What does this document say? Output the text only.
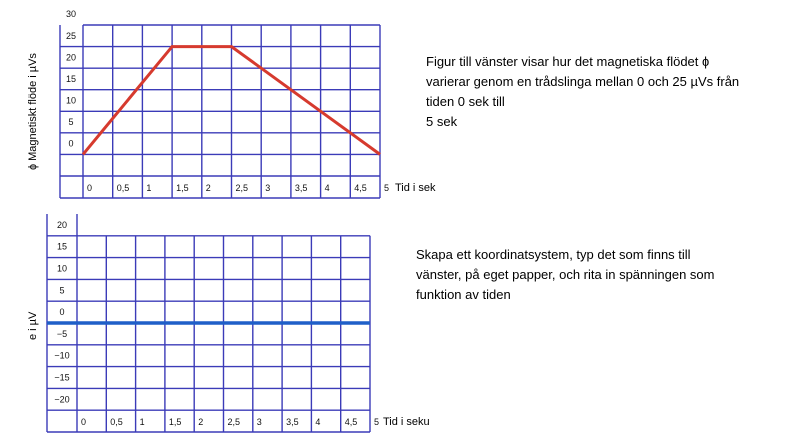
0
5
10
15
20
25
30
0	0,5 1	1,5 2	2,5 3	3,5 4	4,5 5 Tid i sek
ɸ Magnetiskt flöde i µVs
20
15
10
5
0
−5
−10
−15
−20
0	0,5 1	1,5 2	2,5 3	3,5 4	4,5 5 Tid i seku
e i µV

Figur till vänster visar hur det magnetiska flödet ɸ

varierar genom en trådslinga mellan 0 och 25 µVs från

tiden 0 sek till

5 sek

Skapa ett koordinatsystem, typ det som finns till

vänster, på eget papper, och rita in spänningen som

funktion av tiden
